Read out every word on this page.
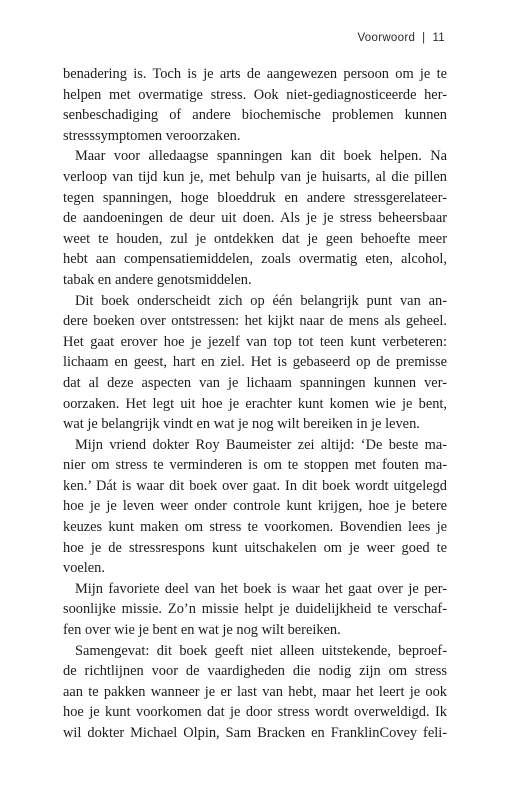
Voorwoord | 11
benadering is. Toch is je arts de aangewezen persoon om je te
helpen met overmatige stress. Ook niet-gediagnosticeerde her-
senbeschadiging of andere biochemische problemen kunnen
stresssymptomen veroorzaken.
Maar voor alledaagse spanningen kan dit boek helpen. Na
verloop van tijd kun je, met behulp van je huisarts, al die pillen
tegen spanningen, hoge bloeddruk en andere stressgerelateer-
de aandoeningen de deur uit doen. Als je je stress beheersbaar
weet te houden, zul je ontdekken dat je geen behoefte meer
hebt aan compensatiemiddelen, zoals overmatig eten, alcohol,
tabak en andere genotsmiddelen.
Dit boek onderscheidt zich op één belangrijk punt van an-
dere boeken over ontstressen: het kijkt naar de mens als geheel.
Het gaat erover hoe je jezelf van top tot teen kunt verbeteren:
lichaam en geest, hart en ziel. Het is gebaseerd op de premisse
dat al deze aspecten van je lichaam spanningen kunnen ver-
oorzaken. Het legt uit hoe je erachter kunt komen wie je bent,
wat je belangrijk vindt en wat je nog wilt bereiken in je leven.
Mijn vriend dokter Roy Baumeister zei altijd: ‘De beste ma-
nier om stress te verminderen is om te stoppen met fouten ma-
ken.’ Dát is waar dit boek over gaat. In dit boek wordt uitgelegd
hoe je je leven weer onder controle kunt krijgen, hoe je betere
keuzes kunt maken om stress te voorkomen. Bovendien lees je
hoe je de stressrespons kunt uitschakelen om je weer goed te
voelen.
Mijn favoriete deel van het boek is waar het gaat over je per-
soonlijke missie. Zo’n missie helpt je duidelijkheid te verschaf-
fen over wie je bent en wat je nog wilt bereiken.
Samengevat: dit boek geeft niet alleen uitstekende, beproef-
de richtlijnen voor de vaardigheden die nodig zijn om stress
aan te pakken wanneer je er last van hebt, maar het leert je ook
hoe je kunt voorkomen dat je door stress wordt overweldigd. Ik
wil dokter Michael Olpin, Sam Bracken en FranklinCovey feli-
